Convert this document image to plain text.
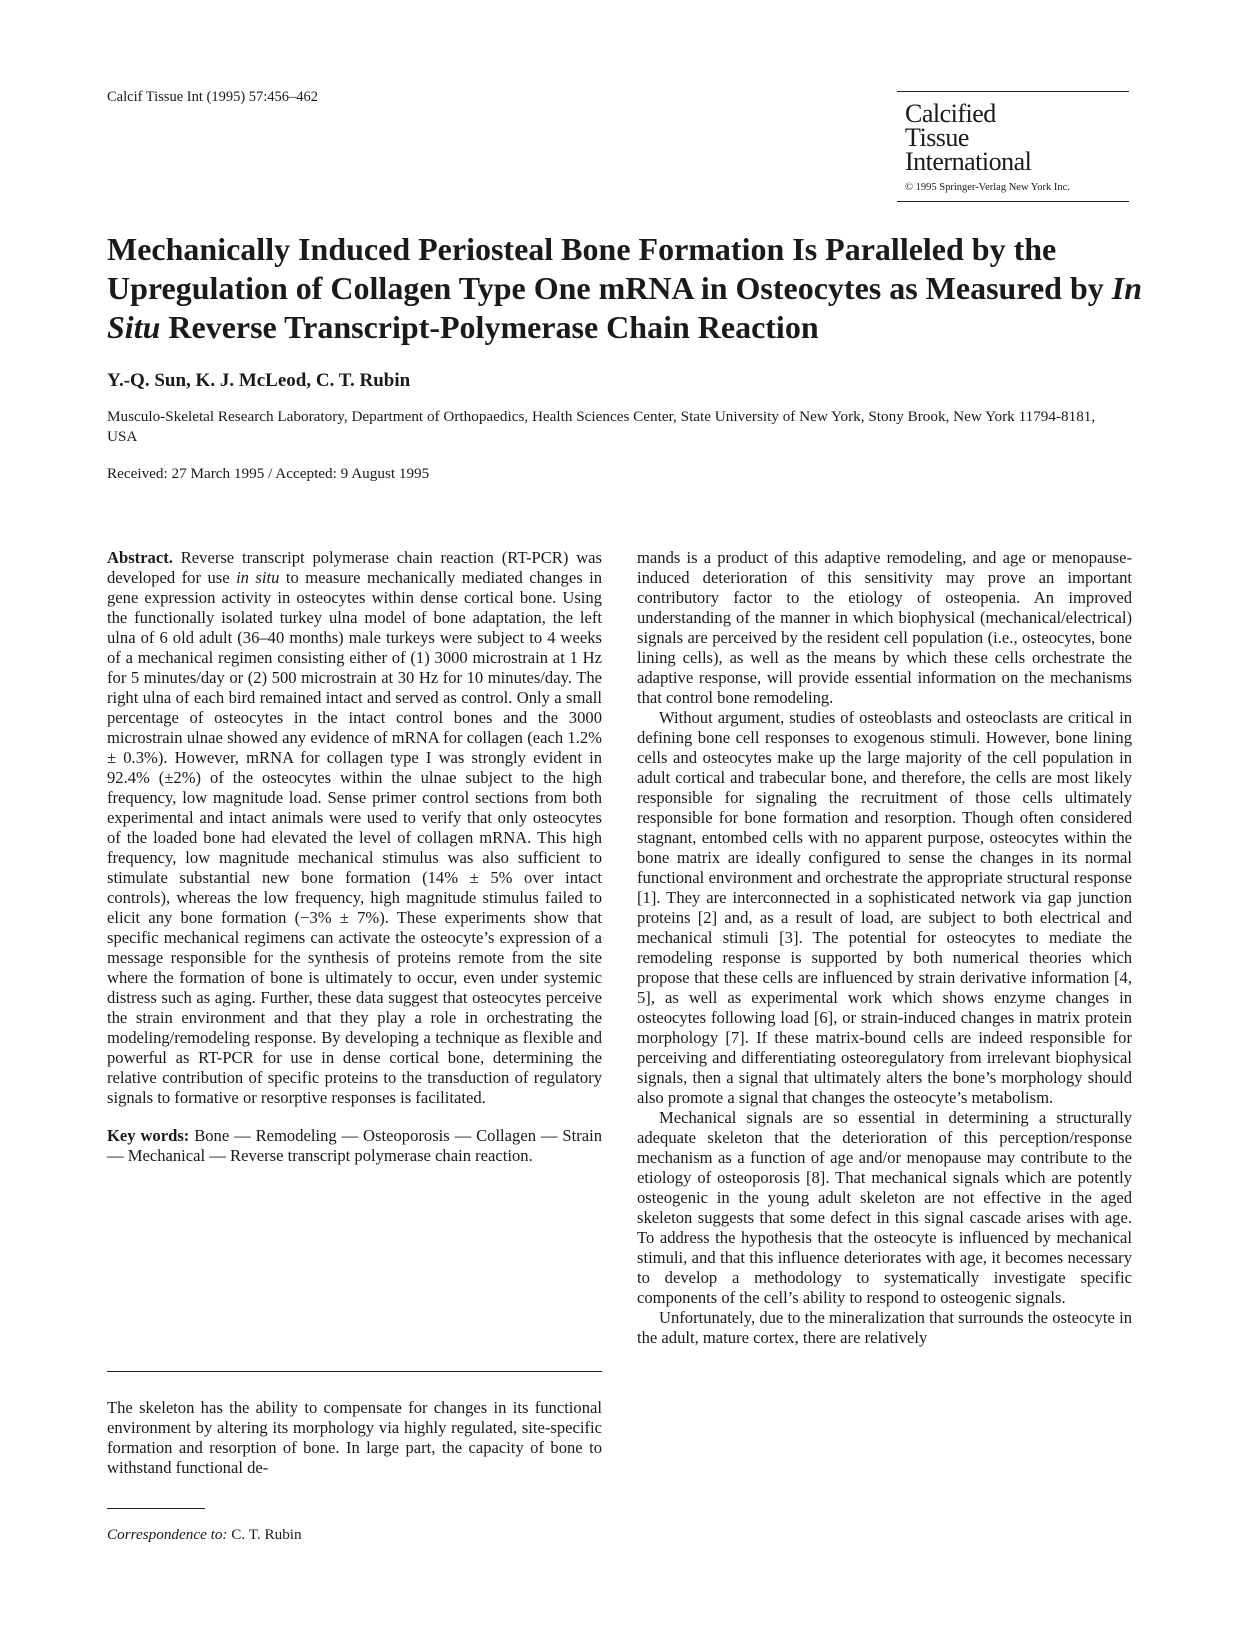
Calcif Tissue Int (1995) 57:456–462
Calcified
Tissue
International
© 1995 Springer-Verlag New York Inc.
Mechanically Induced Periosteal Bone Formation Is Paralleled by the Upregulation of Collagen Type One mRNA in Osteocytes as Measured by In Situ Reverse Transcript-Polymerase Chain Reaction
Y.-Q. Sun, K. J. McLeod, C. T. Rubin
Musculo-Skeletal Research Laboratory, Department of Orthopaedics, Health Sciences Center, State University of New York, Stony Brook, New York 11794-8181, USA
Received: 27 March 1995 / Accepted: 9 August 1995

Abstract. Reverse transcript polymerase chain reaction (RT-PCR) was developed for use in situ to measure mechanically mediated changes in gene expression activity in osteocytes within dense cortical bone. Using the functionally isolated turkey ulna model of bone adaptation, the left ulna of 6 old adult (36–40 months) male turkeys were subject to 4 weeks of a mechanical regimen consisting either of (1) 3000 microstrain at 1 Hz for 5 minutes/day or (2) 500 microstrain at 30 Hz for 10 minutes/day. The right ulna of each bird remained intact and served as control. Only a small percentage of osteocytes in the intact control bones and the 3000 microstrain ulnae showed any evidence of mRNA for collagen (each 1.2% ± 0.3%). However, mRNA for collagen type I was strongly evident in 92.4% (±2%) of the osteocytes within the ulnae subject to the high frequency, low magnitude load. Sense primer control sections from both experimental and intact animals were used to verify that only osteocytes of the loaded bone had elevated the level of collagen mRNA. This high frequency, low magnitude mechanical stimulus was also sufficient to stimulate substantial new bone formation (14% ± 5% over intact controls), whereas the low frequency, high magnitude stimulus failed to elicit any bone formation (−3% ± 7%). These experiments show that specific mechanical regimens can activate the osteocyte’s expression of a message responsible for the synthesis of proteins remote from the site where the formation of bone is ultimately to occur, even under systemic distress such as aging. Further, these data suggest that osteocytes perceive the strain environment and that they play a role in orchestrating the modeling/remodeling response. By developing a technique as flexible and powerful as RT-PCR for use in dense cortical bone, determining the relative contribution of specific proteins to the transduction of regulatory signals to formative or resorptive responses is facilitated.

Key words: Bone — Remodeling — Osteoporosis — Collagen — Strain — Mechanical — Reverse transcript polymerase chain reaction.

The skeleton has the ability to compensate for changes in its functional environment by altering its morphology via highly regulated, site-specific formation and resorption of bone. In large part, the capacity of bone to withstand functional de-

Correspondence to: C. T. Rubin

mands is a product of this adaptive remodeling, and age or menopause-induced deterioration of this sensitivity may prove an important contributory factor to the etiology of osteopenia. An improved understanding of the manner in which biophysical (mechanical/electrical) signals are perceived by the resident cell population (i.e., osteocytes, bone lining cells), as well as the means by which these cells orchestrate the adaptive response, will provide essential information on the mechanisms that control bone remodeling.

Without argument, studies of osteoblasts and osteoclasts are critical in defining bone cell responses to exogenous stimuli. However, bone lining cells and osteocytes make up the large majority of the cell population in adult cortical and trabecular bone, and therefore, the cells are most likely responsible for signaling the recruitment of those cells ultimately responsible for bone formation and resorption. Though often considered stagnant, entombed cells with no apparent purpose, osteocytes within the bone matrix are ideally configured to sense the changes in its normal functional environment and orchestrate the appropriate structural response [1]. They are interconnected in a sophisticated network via gap junction proteins [2] and, as a result of load, are subject to both electrical and mechanical stimuli [3]. The potential for osteocytes to mediate the remodeling response is supported by both numerical theories which propose that these cells are influenced by strain derivative information [4, 5], as well as experimental work which shows enzyme changes in osteocytes following load [6], or strain-induced changes in matrix protein morphology [7]. If these matrix-bound cells are indeed responsible for perceiving and differentiating osteoregulatory from irrelevant biophysical signals, then a signal that ultimately alters the bone’s morphology should also promote a signal that changes the osteocyte’s metabolism.

Mechanical signals are so essential in determining a structurally adequate skeleton that the deterioration of this perception/response mechanism as a function of age and/or menopause may contribute to the etiology of osteoporosis [8]. That mechanical signals which are potently osteogenic in the young adult skeleton are not effective in the aged skeleton suggests that some defect in this signal cascade arises with age. To address the hypothesis that the osteocyte is influenced by mechanical stimuli, and that this influence deteriorates with age, it becomes necessary to develop a methodology to systematically investigate specific components of the cell’s ability to respond to osteogenic signals.

Unfortunately, due to the mineralization that surrounds the osteocyte in the adult, mature cortex, there are relatively
